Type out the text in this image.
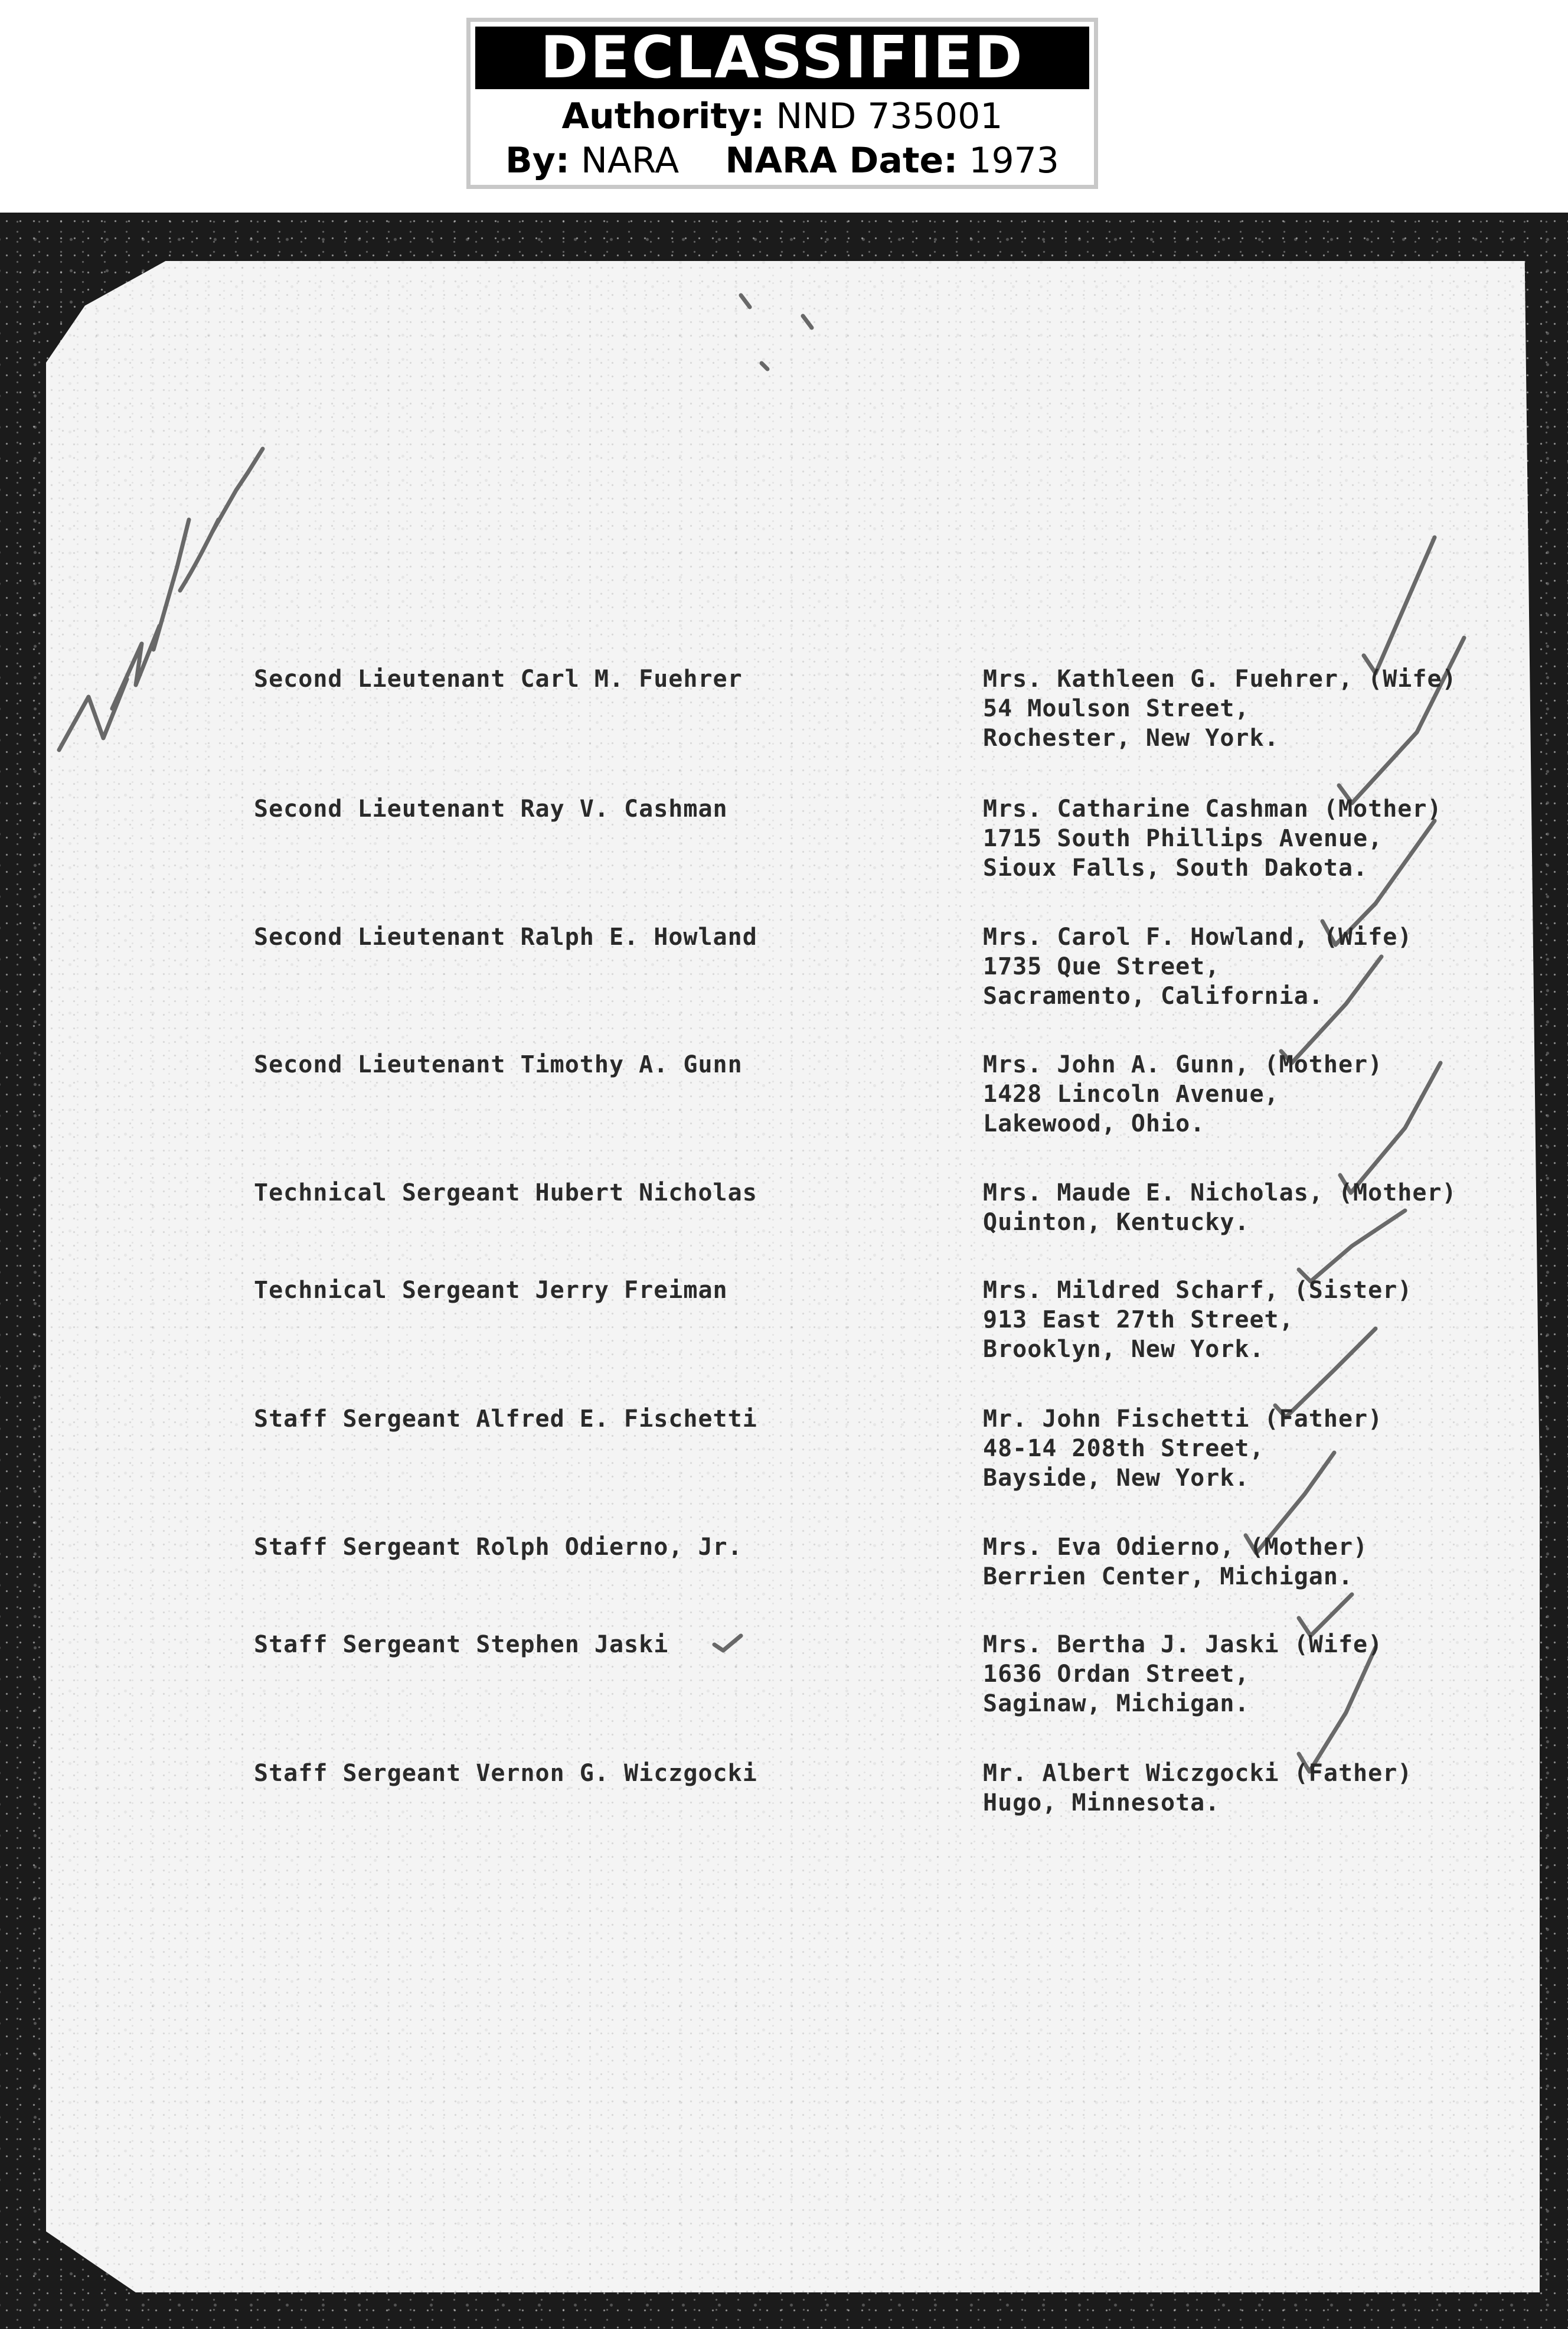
DECLASSIFIED
Authority: NND 735001
By: NARA NARA Date: 1973
Second Lieutenant Carl M. Fuehrer	Mrs. Kathleen G. Fuehrer, (Wife)
54 Moulson Street,
Rochester, New York.
Second Lieutenant Ray V. Cashman	Mrs. Catharine Cashman (Mother)
1715 South Phillips Avenue,
Sioux Falls, South Dakota.
Second Lieutenant Ralph E. Howland	Mrs. Carol F. Howland, (Wife)
1735 Que Street,
Sacramento, California.
Second Lieutenant Timothy A. Gunn	Mrs. John A. Gunn, (Mother)
1428 Lincoln Avenue,
Lakewood, Ohio.
Technical Sergeant Hubert Nicholas	Mrs. Maude E. Nicholas, (Mother)
Quinton, Kentucky.
Technical Sergeant Jerry Freiman	Mrs. Mildred Scharf, (Sister)
913 East 27th Street,
Brooklyn, New York.
Staff Sergeant Alfred E. Fischetti	Mr. John Fischetti (Father)
48-14 208th Street,
Bayside, New York.
Staff Sergeant Rolph Odierno, Jr.	Mrs. Eva Odierno, (Mother)
Berrien Center, Michigan.
Staff Sergeant Stephen Jaski	Mrs. Bertha J. Jaski (Wife)
1636 Ordan Street,
Saginaw, Michigan.
Staff Sergeant Vernon G. Wiczgocki	Mr. Albert Wiczgocki (Father)
Hugo, Minnesota.
